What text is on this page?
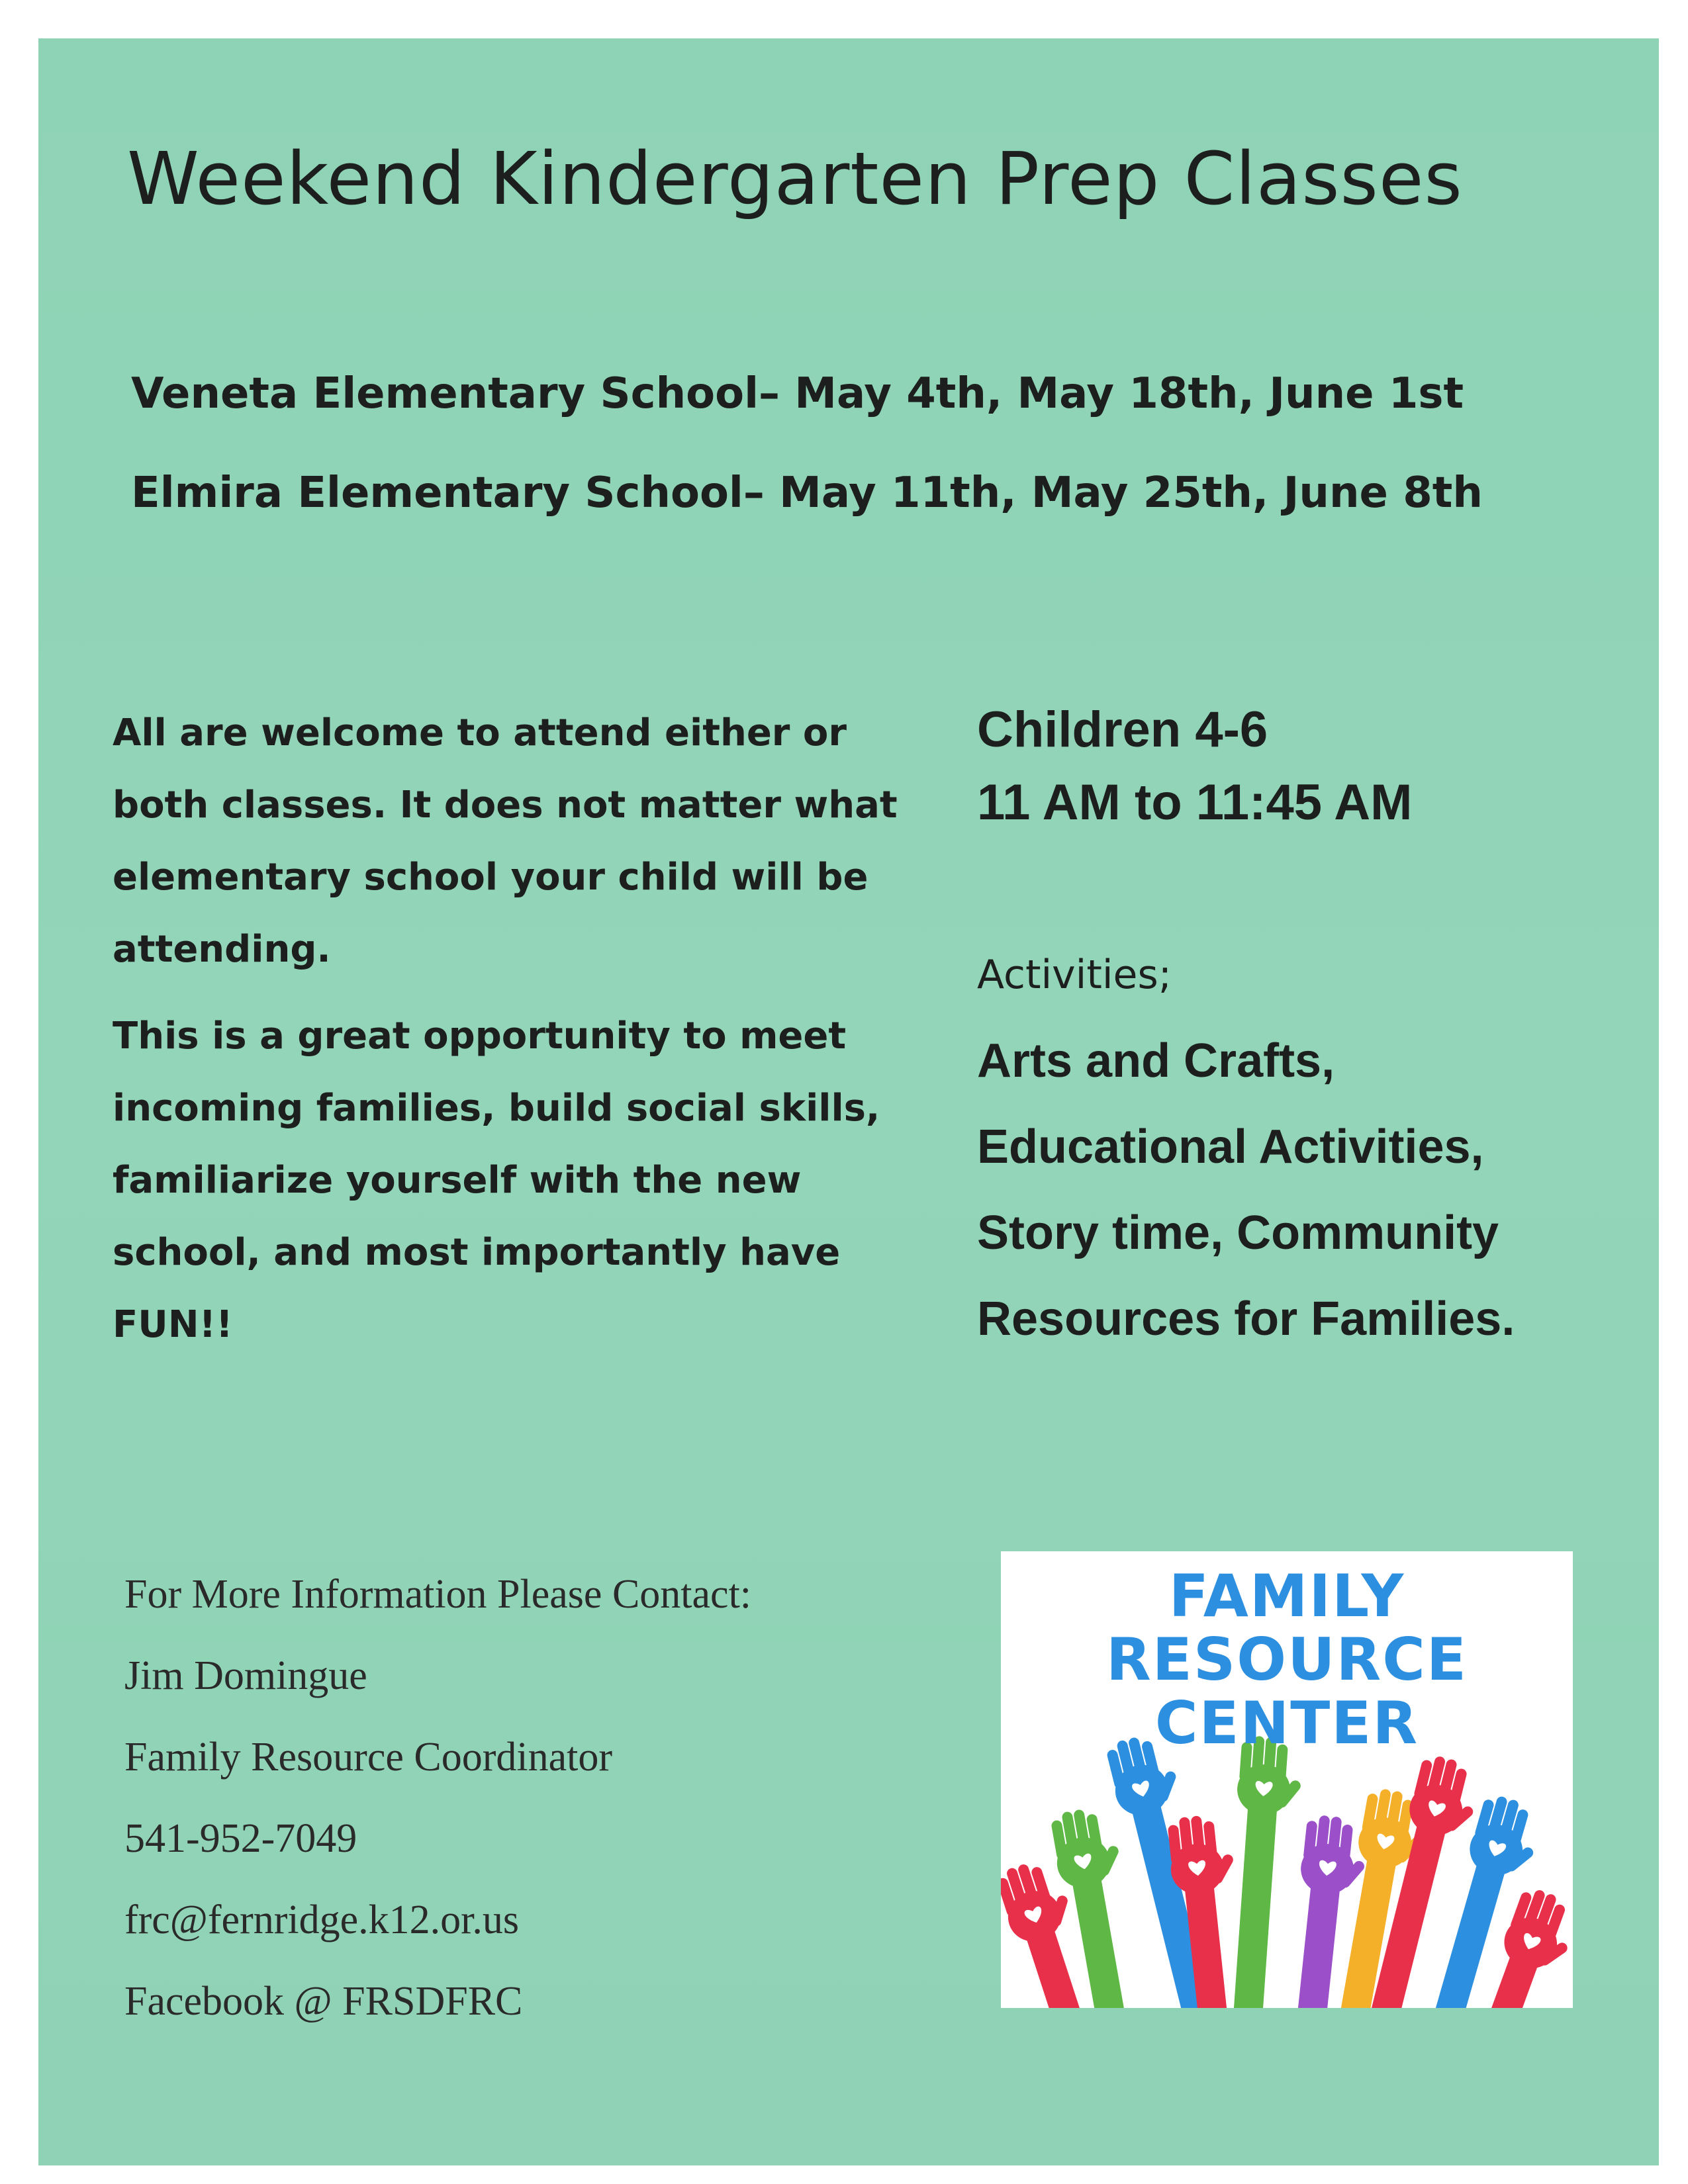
Weekend Kindergarten Prep Classes
Veneta Elementary School– May 4th, May 18th, June 1st
Elmira Elementary School– May 11th, May 25th, June 8th

All are welcome to attend either or both classes. It does not matter what elementary school your child will be attending.

This is a great opportunity to meet incoming families, build social skills, familiarize yourself with the new school, and most importantly have FUN!!

Children 4-6
11 AM to 11:45 AM
Activities;
Arts and Crafts,
Educational Activities,
Story time, Community
Resources for Families.
For More Information Please Contact:
Jim Domingue
Family Resource Coordinator
541-952-7049
frc@fernridge.k12.or.us
Facebook @ FRSDFRC
FAMILY
RESOURCE
CENTER
